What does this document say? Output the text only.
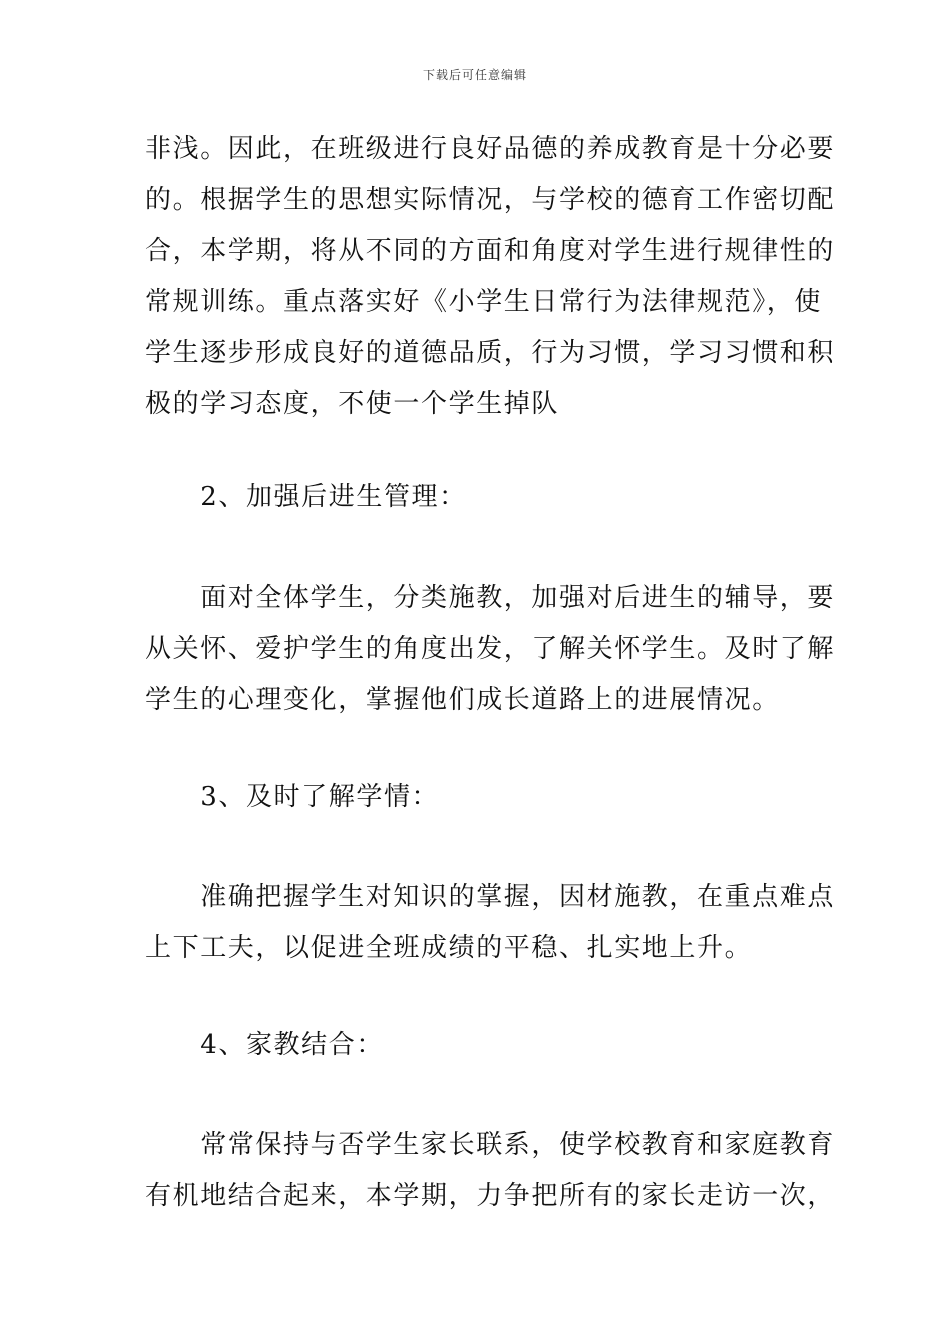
下载后可任意编辑
非浅。因此，在班级进行良好品德的养成教育是十分必要
的。根据学生的思想实际情况，与学校的德育工作密切配
合，本学期，将从不同的方面和角度对学生进行规律性的
常规训练。重点落实好《小学生日常行为法律规范》，使
学生逐步形成良好的道德品质，行为习惯，学习习惯和积
极的学习态度，不使一个学生掉队
　　2、加强后进生管理：
　　面对全体学生，分类施教，加强对后进生的辅导，要
从关怀、爱护学生的角度出发，了解关怀学生。及时了解
学生的心理变化，掌握他们成长道路上的进展情况。
　　3、及时了解学情：
　　准确把握学生对知识的掌握，因材施教，在重点难点
上下工夫，以促进全班成绩的平稳、扎实地上升。
　　4、家教结合：
　　常常保持与否学生家长联系，使学校教育和家庭教育
有机地结合起来，本学期，力争把所有的家长走访一次，
